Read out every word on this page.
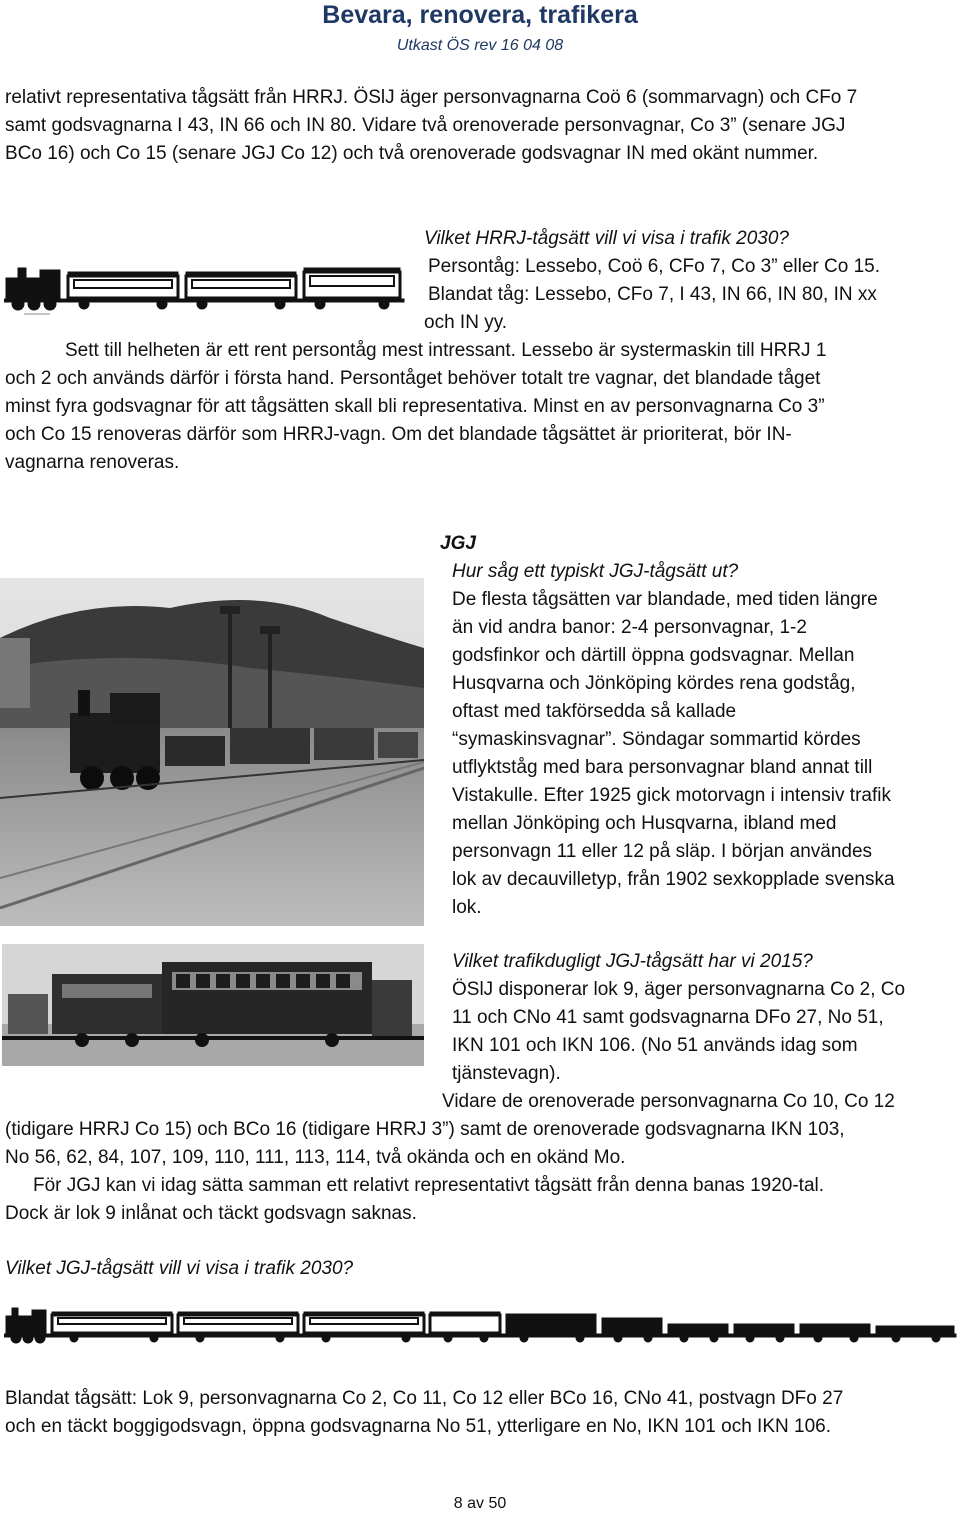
Bevara, renovera, trafikera
Utkast ÖS rev 16 04 08

relativt representativa tågsätt från HRRJ. ÖSlJ äger personvagnarna Coö 6 (sommarvagn) och CFo 7

samt godsvagnarna I 43, IN 66 och IN 80. Vidare två orenoverade personvagnar, Co 3” (senare JGJ

BCo 16) och Co 15 (senare JGJ Co 12) och två orenoverade godsvagnar IN med okänt nummer.

Vilket HRRJ-tågsätt vill vi visa i trafik 2030?

Persontåg: Lessebo, Coö 6, CFo 7, Co 3” eller Co 15.

Blandat tåg: Lessebo, CFo 7, I 43, IN 66, IN 80, IN xx

och IN yy.

Sett till helheten är ett rent persontåg mest intressant. Lessebo är systermaskin till HRRJ 1

och 2 och används därför i första hand. Persontåget behöver totalt tre vagnar, det blandade tåget

minst fyra godsvagnar för att tågsätten skall bli representativa. Minst en av personvagnarna Co 3”

och Co 15 renoveras därför som HRRJ-vagn. Om det blandade tågsättet är prioriterat, bör IN-

vagnarna renoveras.

JGJ
Hur såg ett typiskt JGJ-tågsätt ut?

De flesta tågsätten var blandade, med tiden längre

än vid andra banor: 2-4 personvagnar, 1-2

godsfinkor och därtill öppna godsvagnar. Mellan

Husqvarna och Jönköping kördes rena godståg,

oftast med takförsedda så kallade

“symaskinsvagnar”. Söndagar sommartid kördes

utflyktståg med bara personvagnar bland annat till

Vistakulle. Efter 1925 gick motorvagn i intensiv trafik

mellan Jönköping och Husqvarna, ibland med

personvagn 11 eller 12 på släp. I början användes

lok av decauvilletyp, från 1902 sexkopplade svenska

lok.

Vilket trafikdugligt JGJ-tågsätt har vi 2015?

ÖSlJ disponerar lok 9, äger personvagnarna Co 2, Co

11 och CNo 41 samt godsvagnarna DFo 27, No 51,

IKN 101 och IKN 106. (No 51 används idag som

tjänstevagn).

Vidare de orenoverade personvagnarna Co 10, Co 12

(tidigare HRRJ Co 15) och BCo 16 (tidigare HRRJ 3”) samt de orenoverade godsvagnarna IKN 103,

No 56, 62, 84, 107, 109, 110, 111, 113, 114, två okända och en okänd Mo.

För JGJ kan vi idag sätta samman ett relativt representativt tågsätt från denna banas 1920-tal.

Dock är lok 9 inlånat och täckt godsvagn saknas.

Vilket JGJ-tågsätt vill vi visa i trafik 2030?

Blandat tågsätt: Lok 9, personvagnarna Co 2, Co 11, Co 12 eller BCo 16, CNo 41, postvagn DFo 27

och en täckt boggigodsvagn, öppna godsvagnarna No 51, ytterligare en No, IKN 101 och IKN 106.

8 av 50
